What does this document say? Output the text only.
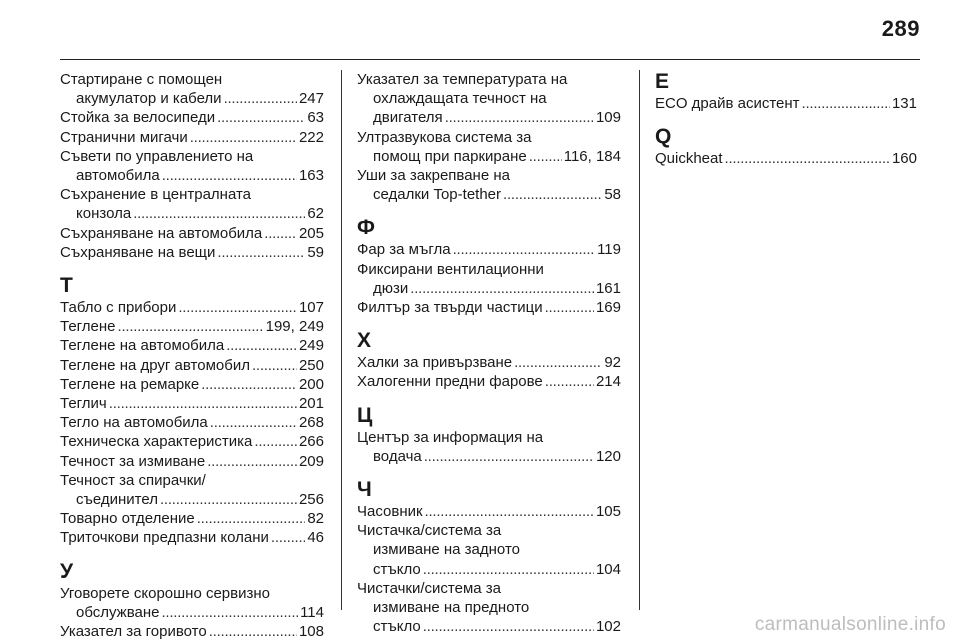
289
Стартиране с помощен
акумулатор и кабели . . .	247
Стойка за велосипеди . . .	63
Странични мигачи . . .	222
Съвети по управлението на
автомобила . . .	163
Съхранение в централната
конзола . . .	62
Съхраняване на автомобила . . . 205
Съхраняване на вещи . . .	59
Т
Табло с прибори . . .	107
Теглене . . .	199, 249
Теглене на автомобила . . .	249
Теглене на друг автомобил . . .	250
Теглене на ремарке . . .	200
Теглич . . .	201
Тегло на автомобила . . .	268
Техническа характеристика . . .	266
Течност за измиване . . .	209
Течност за спирачки/
съединител . . .	256
Товарно отделение . . .	82
Триточкови предпазни колани . . .	46
У
Уговорете скорошно сервизно
обслужване . . .	114
Указател за горивото . . .	108
Указател за температурата на
охлаждащата течност на
двигателя . . .	109
Ултразвукова система за
помощ при паркиране . . . 116, 184
Уши за закрепване на
седалки Top-tether . . .	58
Ф
Фар за мъгла . . .	119
Фиксирани вентилационни
дюзи . . .	161
Филтър за твърди частици . . .	169
Х
Халки за привързване . . .	92
Халогенни предни фарове . . .	214
Ц
Център за информация на
водача . . .	120
Ч
Часовник . . .	105
Чистачка/система за
измиване на задното
стъкло . . .	104
Чистачки/система за
измиване на предното
стъкло . . .	102
E
ECO драйв асистент . . .	131
Q
Quickheat . . .	160
carmanualsonline.info
